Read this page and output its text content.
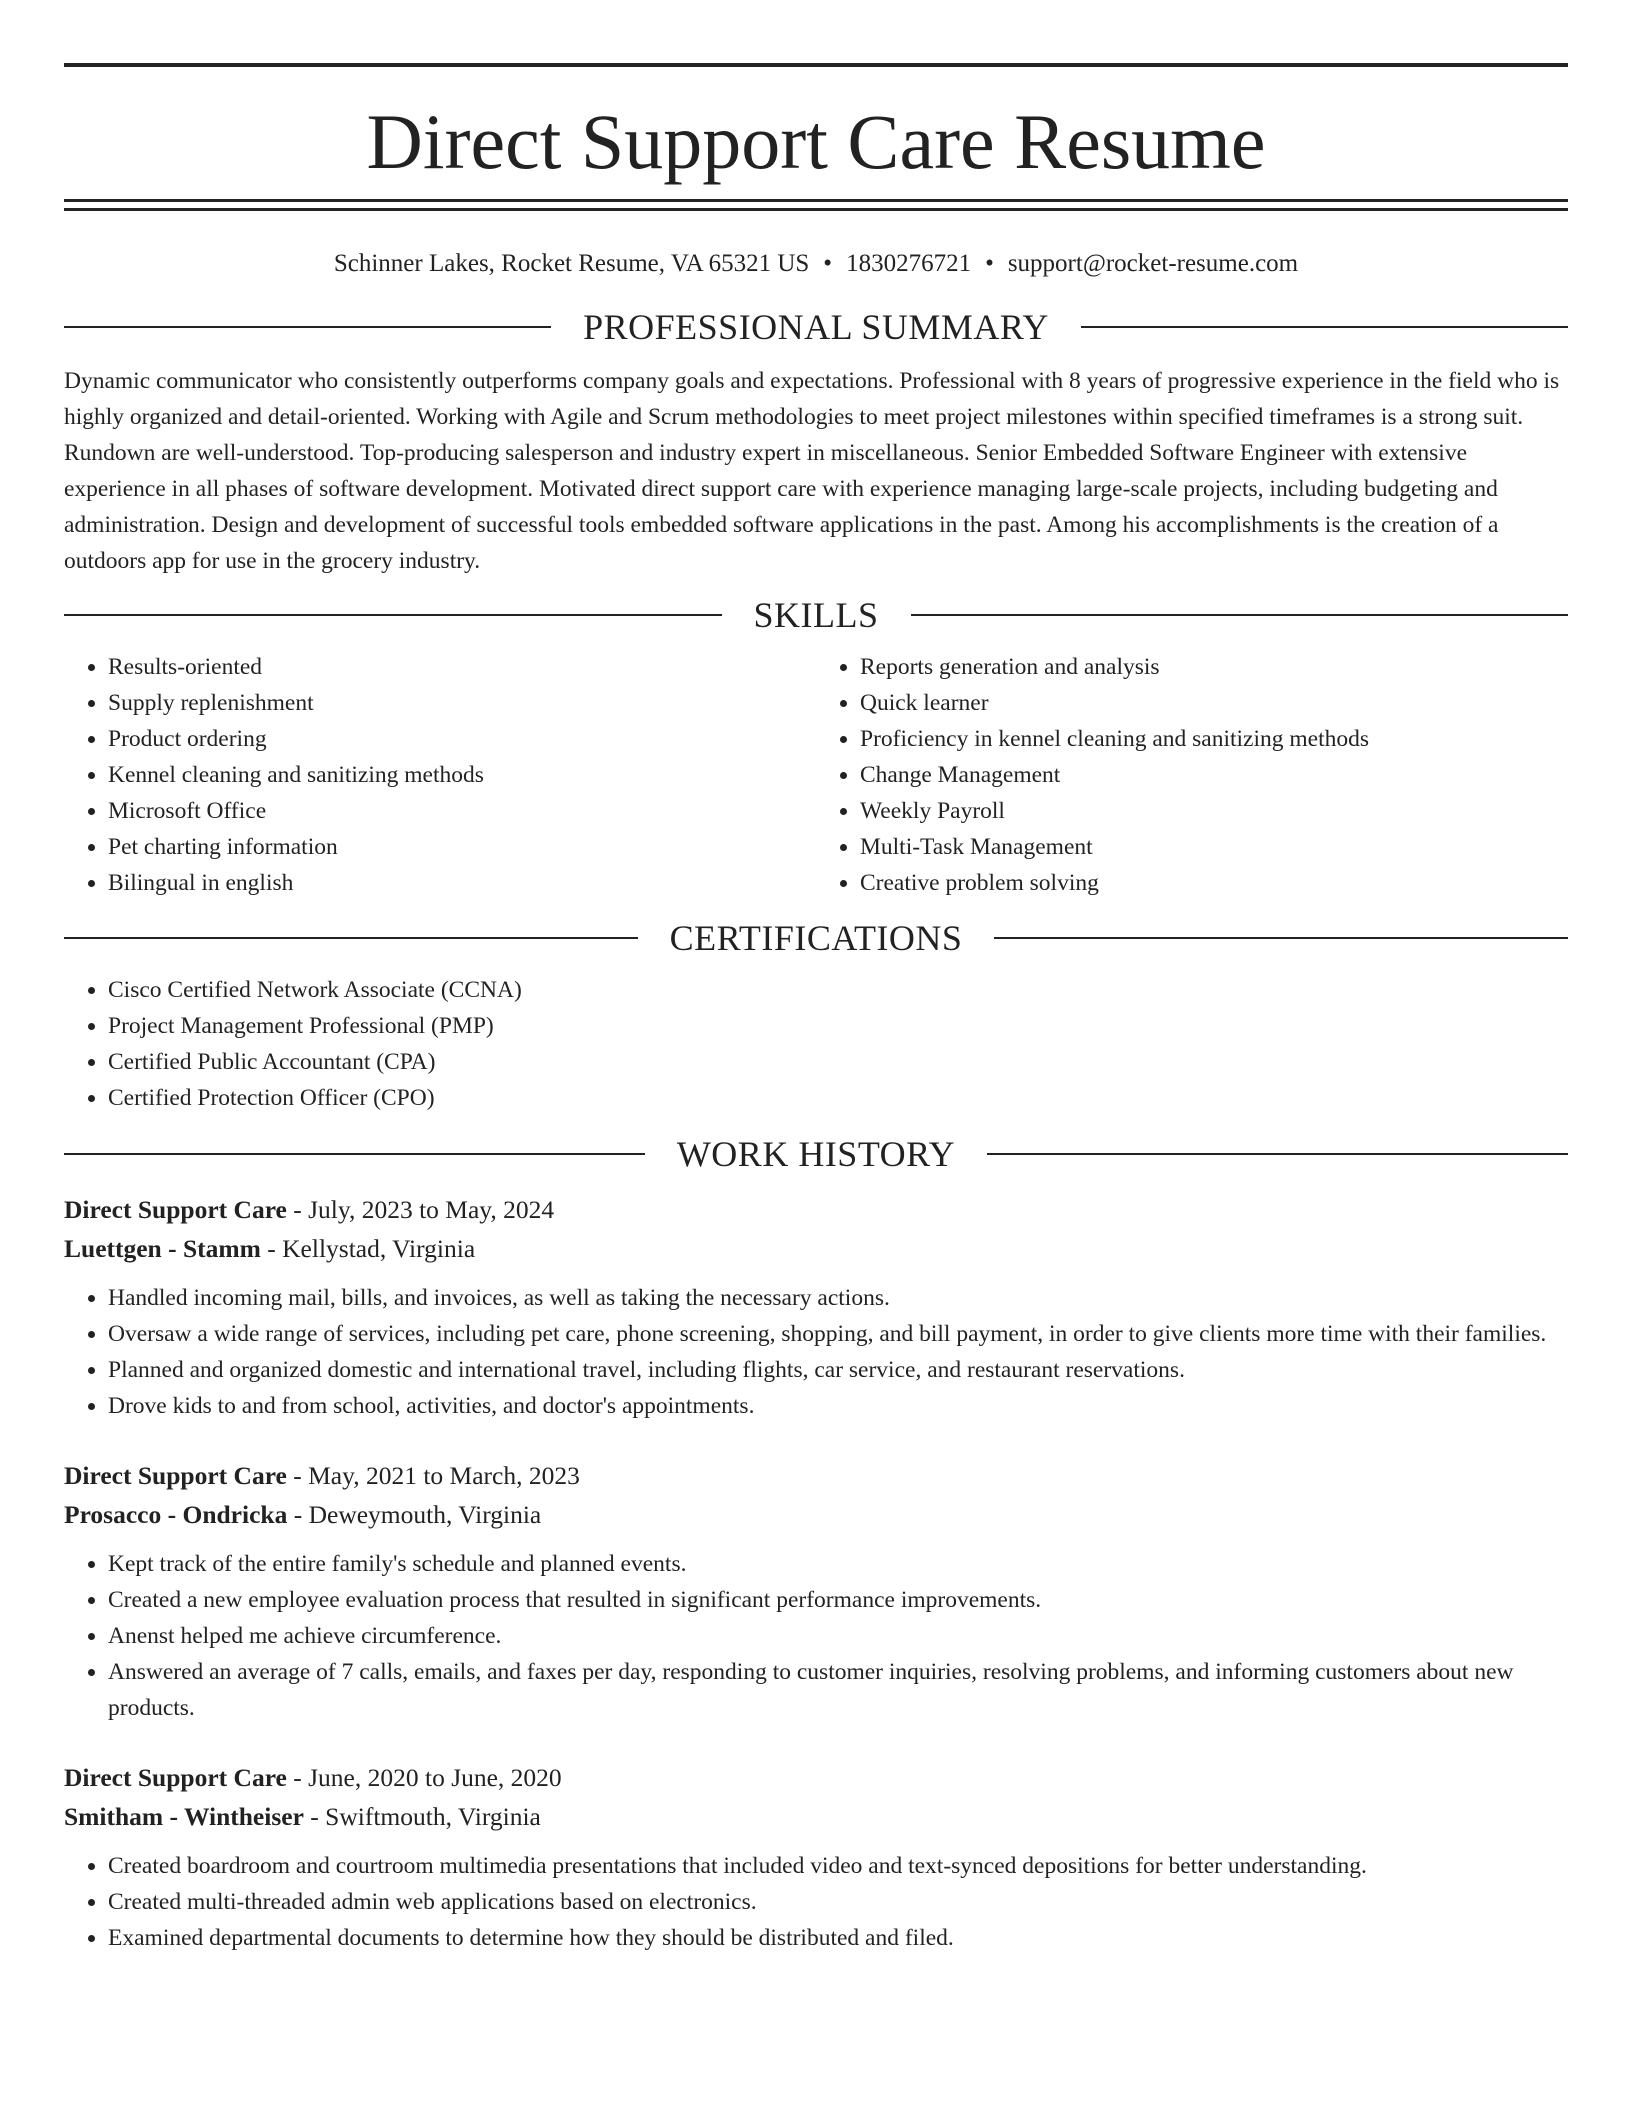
Direct Support Care Resume
Schinner Lakes, Rocket Resume, VA 65321 US • 1830276721 • support@rocket-resume.com
PROFESSIONAL SUMMARY

Dynamic communicator who consistently outperforms company goals and expectations. Professional with 8 years of progressive experience in the field who is highly organized and detail-oriented. Working with Agile and Scrum methodologies to meet project milestones within specified timeframes is a strong suit. Rundown are well-understood. Top-producing salesperson and industry expert in miscellaneous. Senior Embedded Software Engineer with extensive experience in all phases of software development. Motivated direct support care with experience managing large-scale projects, including budgeting and administration. Design and development of successful tools embedded software applications in the past. Among his accomplishments is the creation of a outdoors app for use in the grocery industry.

SKILLS
• Results-oriented
• Supply replenishment
• Product ordering
• Kennel cleaning and sanitizing methods
• Microsoft Office
• Pet charting information
• Bilingual in english
• Reports generation and analysis
• Quick learner
• Proficiency in kennel cleaning and sanitizing methods
• Change Management
• Weekly Payroll
• Multi-Task Management
• Creative problem solving
CERTIFICATIONS
• Cisco Certified Network Associate (CCNA)
• Project Management Professional (PMP)
• Certified Public Accountant (CPA)
• Certified Protection Officer (CPO)
WORK HISTORY
Direct Support Care - July, 2023 to May, 2024
Luettgen - Stamm - Kellystad, Virginia
• Handled incoming mail, bills, and invoices, as well as taking the necessary actions.
• Oversaw a wide range of services, including pet care, phone screening, shopping, and bill payment, in order to give clients more time with their families.
• Planned and organized domestic and international travel, including flights, car service, and restaurant reservations.
• Drove kids to and from school, activities, and doctor's appointments.
Direct Support Care - May, 2021 to March, 2023
Prosacco - Ondricka - Deweymouth, Virginia
• Kept track of the entire family's schedule and planned events.
• Created a new employee evaluation process that resulted in significant performance improvements.
• Anenst helped me achieve circumference.
• Answered an average of 7 calls, emails, and faxes per day, responding to customer inquiries, resolving problems, and informing customers about new products.
Direct Support Care - June, 2020 to June, 2020
Smitham - Wintheiser - Swiftmouth, Virginia
• Created boardroom and courtroom multimedia presentations that included video and text-synced depositions for better understanding.
• Created multi-threaded admin web applications based on electronics.
• Examined departmental documents to determine how they should be distributed and filed.
